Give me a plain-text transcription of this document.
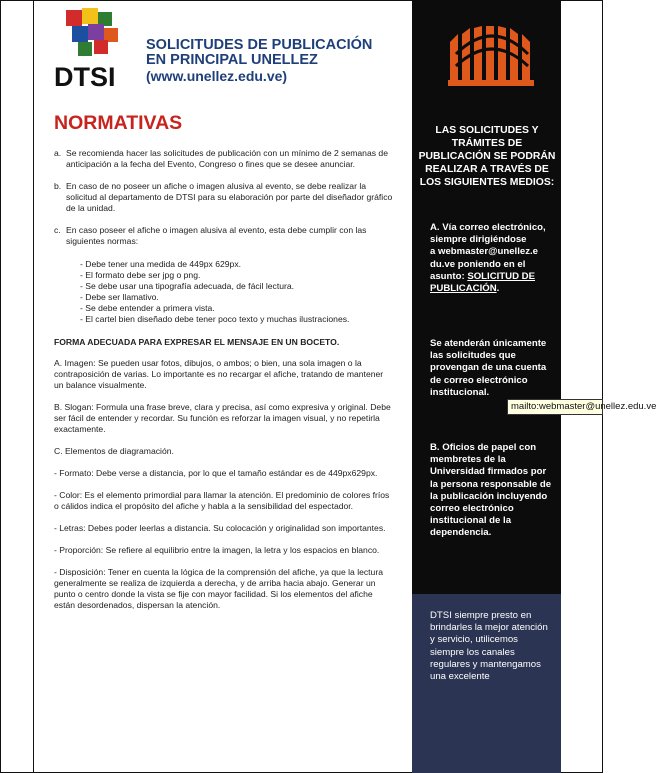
DTSI
SOLICITUDES DE PUBLICACIÓN
EN PRINCIPAL UNELLEZ
(www.unellez.edu.ve)
NORMATIVAS
a. Se recomienda hacer las solicitudes de publicación con un mínimo de 2 semanas de anticipación a la fecha del Evento, Congreso o fines que se desee anunciar.
b. En caso de no poseer un afiche o imagen alusiva al evento, se debe realizar la solicitud al departamento de DTSI para su elaboración por parte del diseñador gráfico de la unidad.
c. En caso poseer el afiche o imagen alusiva al evento, esta debe cumplir con las siguientes normas:
- Debe tener una medida de 449px 629px.
- El formato debe ser jpg o png.
- Se debe usar una tipografía adecuada, de fácil lectura.
- Debe ser llamativo.
- Se debe entender a primera vista.
- El cartel bien diseñado debe tener poco texto y muchas ilustraciones.
FORMA ADECUADA PARA EXPRESAR EL MENSAJE EN UN BOCETO.

A. Imagen: Se pueden usar fotos, dibujos, o ambos; o bien, una sola imagen o la contraposición de varias. Lo importante es no recargar el afiche, tratando de mantener un balance visualmente.

B. Slogan: Formula una frase breve, clara y precisa, así como expresiva y original. Debe ser fácil de entender y recordar. Su función es reforzar la imagen visual, y no repetirla exactamente.

C. Elementos de diagramación.

- Formato: Debe verse a distancia, por lo que el tamaño estándar es de 449px629px.

- Color: Es el elemento primordial para llamar la atención. El predominio de colores fríos o cálidos indica el propósito del afiche y habla a la sensibilidad del espectador.

- Letras: Debes poder leerlas a distancia. Su colocación y originalidad son importantes.

- Proporción: Se refiere al equilibrio entre la imagen, la letra y los espacios en blanco.

- Disposición: Tener en cuenta la lógica de la comprensión del afiche, ya que la lectura generalmente se realiza de izquierda a derecha, y de arriba hacia abajo. Generar un punto o centro donde la vista se fije con mayor facilidad. Si los elementos del afiche están desordenados, dispersan la atención.

LAS SOLICITUDES Y TRÁMITES DE PUBLICACIÓN SE PODRÁN REALIZAR A TRAVÉS DE LOS SIGUIENTES MEDIOS:
A. Vía correo electrónico, siempre dirigiéndose
a webmaster@unellez.e du.ve poniendo en el asunto: SOLICITUD DE PUBLICACIÓN.
Se atenderán únicamente las solicitudes que provengan de una cuenta de correo electrónico institucional.
B. Oficios de papel con membretes de la Universidad firmados por la persona responsable de la publicación incluyendo correo electrónico institucional de la dependencia.
DTSI siempre presto en brindarles la mejor atención y servicio, utilicemos siempre los canales regulares y mantengamos una excelente
mailto:webmaster@unellez.edu.ve
